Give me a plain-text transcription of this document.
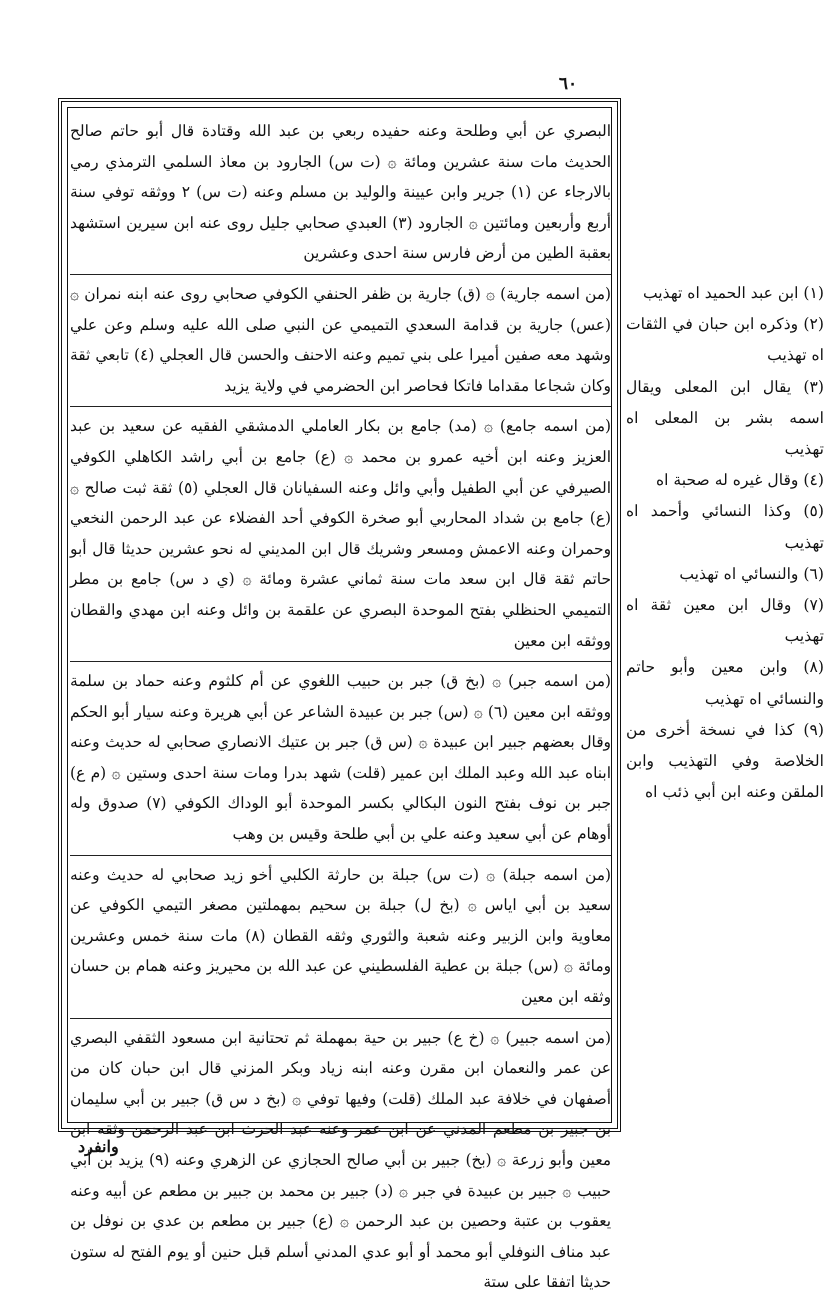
٦٠

البصري عن أبي وطلحة وعنه حفيده ربعي بن عبد الله وقتادة قال أبو حاتم صالح الحديث مات سنة عشرين ومائة ۞ (ت س) الجارود بن معاذ السلمي الترمذي رمي بالارجاء عن (١) جرير وابن عيينة والوليد بن مسلم وعنه (ت س) ٢ ووثقه توفي سنة أربع وأربعين ومائتين ۞ الجارود (٣) العبدي صحابي جليل روى عنه ابن سيرين استشهد بعقبة الطين من أرض فارس سنة احدى وعشرين

(من اسمه جارية) ۞ (ق) جارية بن ظفر الحنفي الكوفي صحابي روى عنه ابنه نمران ۞ (عس) جارية بن قدامة السعدي التميمي عن النبي صلى الله عليه وسلم وعن علي وشهد معه صفين أميرا على بني تميم وعنه الاحنف والحسن قال العجلي (٤) تابعي ثقة وكان شجاعا مقداما فاتكا فحاصر ابن الحضرمي في ولاية يزيد

(من اسمه جامع) ۞ (مد) جامع بن بكار العاملي الدمشقي الفقيه عن سعيد بن عبد العزيز وعنه ابن أخيه عمرو بن محمد ۞ (ع) جامع بن أبي راشد الكاهلي الكوفي الصيرفي عن أبي الطفيل وأبي وائل وعنه السفيانان قال العجلي (٥) ثقة ثبت صالح ۞ (ع) جامع بن شداد المحاربي أبو صخرة الكوفي أحد الفضلاء عن عبد الرحمن النخعي وحمران وعنه الاعمش ومسعر وشريك قال ابن المديني له نحو عشرين حديثا قال أبو حاتم ثقة قال ابن سعد مات سنة ثماني عشرة ومائة ۞ (ي د س) جامع بن مطر التميمي الحنظلي بفتح الموحدة البصري عن علقمة بن وائل وعنه ابن مهدي والقطان ووثقه ابن معين

(من اسمه جبر) ۞ (بخ ق) جبر بن حبيب اللغوي عن أم كلثوم وعنه حماد بن سلمة ووثقه ابن معين (٦) ۞ (س) جبر بن عبيدة الشاعر عن أبي هريرة وعنه سيار أبو الحكم وقال بعضهم جبير ابن عبيدة ۞ (س ق) جبر بن عتيك الانصاري صحابي له حديث وعنه ابناه عبد الله وعبد الملك ابن عمير (قلت) شهد بدرا ومات سنة احدى وستين ۞ (م ع) جبر بن نوف بفتح النون البكالي بكسر الموحدة أبو الوداك الكوفي (٧) صدوق وله أوهام عن أبي سعيد وعنه علي بن أبي طلحة وقيس بن وهب

(من اسمه جبلة) ۞ (ت س) جبلة بن حارثة الكلبي أخو زيد صحابي له حديث وعنه سعيد بن أبي اياس ۞ (بخ ل) جبلة بن سحيم بمهملتين مصغر التيمي الكوفي عن معاوية وابن الزبير وعنه شعبة والثوري وثقه القطان (٨) مات سنة خمس وعشرين ومائة ۞ (س) جبلة بن عطية الفلسطيني عن عبد الله بن محيريز وعنه همام بن حسان وثقه ابن معين

(من اسمه جبير) ۞ (خ ع) جبير بن حية بمهملة ثم تحتانية ابن مسعود الثقفي البصري عن عمر والنعمان ابن مقرن وعنه ابنه زياد وبكر المزني قال ابن حبان كان من أصفهان في خلافة عبد الملك (قلت) وفيها توفي ۞ (بخ د س ق) جبير بن أبي سليمان بن جبير بن مطعم المدني عن ابن عمر وعنه عبد الحرث ابن عبد الرحمن وثقه ابن معين وأبو زرعة ۞ (بخ) جبير بن أبي صالح الحجازي عن الزهري وعنه (٩) يزيد بن أبي حبيب ۞ جبير بن عبيدة في جبر ۞ (د) جبير بن محمد بن جبير بن مطعم عن أبيه وعنه يعقوب بن عتبة وحصين بن عبد الرحمن ۞ (ع) جبير بن مطعم بن عدي بن نوفل بن عبد مناف النوفلي أبو محمد أو أبو عدي المدني أسلم قبل حنين أو يوم الفتح له ستون حديثا اتفقا على ستة

(١) ابن عبد الحميد اه تهذيب

(٢) وذكره ابن حبان في الثقات اه تهذيب

(٣) يقال ابن المعلى ويقال اسمه بشر بن المعلى اه تهذيب

(٤) وقال غيره له صحبة اه

(٥) وكذا النسائي وأحمد اه تهذيب

(٦) والنسائي اه تهذيب

(٧) وقال ابن معين ثقة اه تهذيب

(٨) وابن معين وأبو حاتم والنسائي اه تهذيب

(٩) كذا في نسخة أخرى من الخلاصة وفي التهذيب وابن الملقن وعنه ابن أبي ذئب اه

وانفرد
